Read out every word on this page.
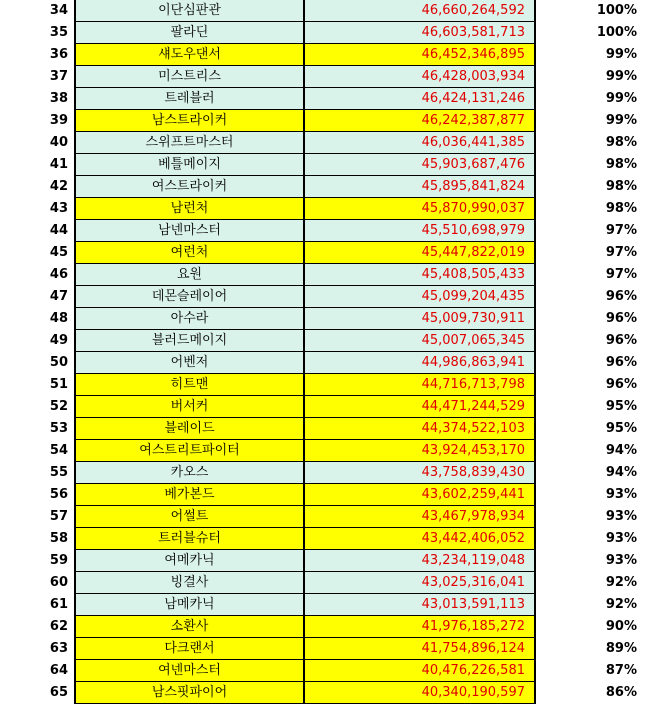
34	이단심판관	46,660,264,592	100%
35	팔라딘	46,603,581,713	100%
36	섀도우댄서	46,452,346,895	99%
37	미스트리스	46,428,003,934	99%
38	트레블러	46,424,131,246	99%
39	남스트라이커	46,242,387,877	99%
40	스위프트마스터	46,036,441,385	98%
41	베틀메이지	45,903,687,476	98%
42	여스트라이커	45,895,841,824	98%
43	남런처	45,870,990,037	98%
44	남넨마스터	45,510,698,979	97%
45	여런처	45,447,822,019	97%
46	요원	45,408,505,433	97%
47	데몬슬레이어	45,099,204,435	96%
48	아수라	45,009,730,911	96%
49	블러드메이지	45,007,065,345	96%
50	어벤저	44,986,863,941	96%
51	히트맨	44,716,713,798	96%
52	버서커	44,471,244,529	95%
53	블레이드	44,374,522,103	95%
54	여스트리트파이터	43,924,453,170	94%
55	카오스	43,758,839,430	94%
56	베가본드	43,602,259,441	93%
57	어썰트	43,467,978,934	93%
58	트러블슈터	43,442,406,052	93%
59	여메카닉	43,234,119,048	93%
60	빙결사	43,025,316,041	92%
61	남메카닉	43,013,591,113	92%
62	소환사	41,976,185,272	90%
63	다크랜서	41,754,896,124	89%
64	여넨마스터	40,476,226,581	87%
65	남스핏파이어	40,340,190,597	86%
